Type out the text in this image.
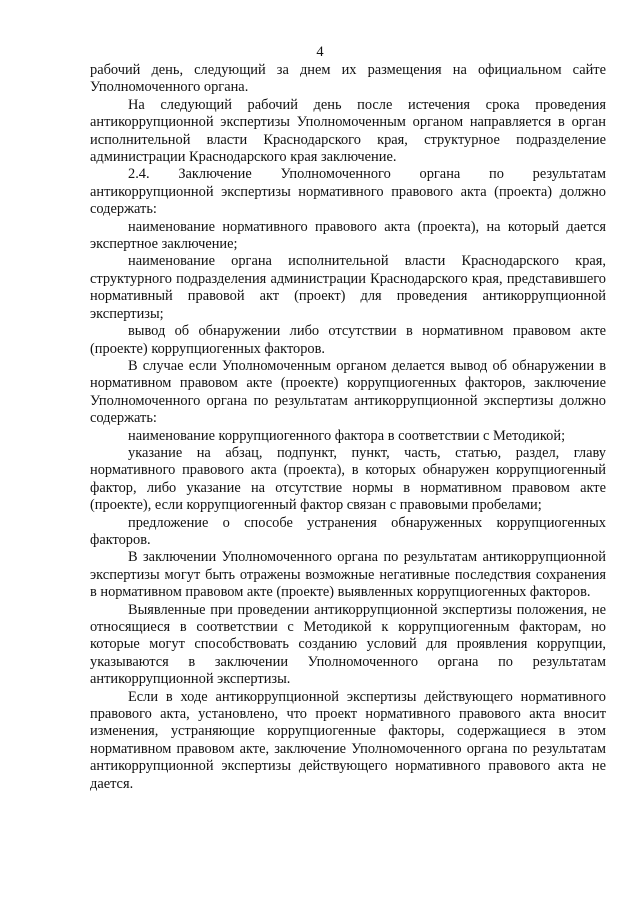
4

рабочий день, следующий за днем их размещения на официальном сайте Уполномоченного органа.

На следующий рабочий день после истечения срока проведения антикоррупционной экспертизы Уполномоченным органом направляется в орган исполнительной власти Краснодарского края, структурное подразделение администрации Краснодарского края заключение.

2.4. Заключение Уполномоченного органа по результатам антикоррупционной экспертизы нормативного правового акта (проекта) должно содержать:

наименование нормативного правового акта (проекта), на который дается экспертное заключение;

наименование органа исполнительной власти Краснодарского края, структурного подразделения администрации Краснодарского края, представившего нормативный правовой акт (проект) для проведения антикоррупционной экспертизы;

вывод об обнаружении либо отсутствии в нормативном правовом акте (проекте) коррупциогенных факторов.

В случае если Уполномоченным органом делается вывод об обнаружении в нормативном правовом акте (проекте) коррупциогенных факторов, заключение Уполномоченного органа по результатам антикоррупционной экспертизы должно содержать:

наименование коррупциогенного фактора в соответствии с Методикой;

указание на абзац, подпункт, пункт, часть, статью, раздел, главу нормативного правового акта (проекта), в которых обнаружен коррупциогенный фактор, либо указание на отсутствие нормы в нормативном правовом акте (проекте), если коррупциогенный фактор связан с правовыми пробелами;

предложение о способе устранения обнаруженных коррупциогенных факторов.

В заключении Уполномоченного органа по результатам антикоррупционной экспертизы могут быть отражены возможные негативные последствия сохранения в нормативном правовом акте (проекте) выявленных коррупциогенных факторов.

Выявленные при проведении антикоррупционной экспертизы положения, не относящиеся в соответствии с Методикой к коррупциогенным факторам, но которые могут способствовать созданию условий для проявления коррупции, указываются в заключении Уполномоченного органа по результатам антикоррупционной экспертизы.

Если в ходе антикоррупционной экспертизы действующего нормативного правового акта, установлено, что проект нормативного правового акта вносит изменения, устраняющие коррупциогенные факторы, содержащиеся в этом нормативном правовом акте, заключение Уполномоченного органа по результатам антикоррупционной экспертизы действующего нормативного правового акта не дается.
